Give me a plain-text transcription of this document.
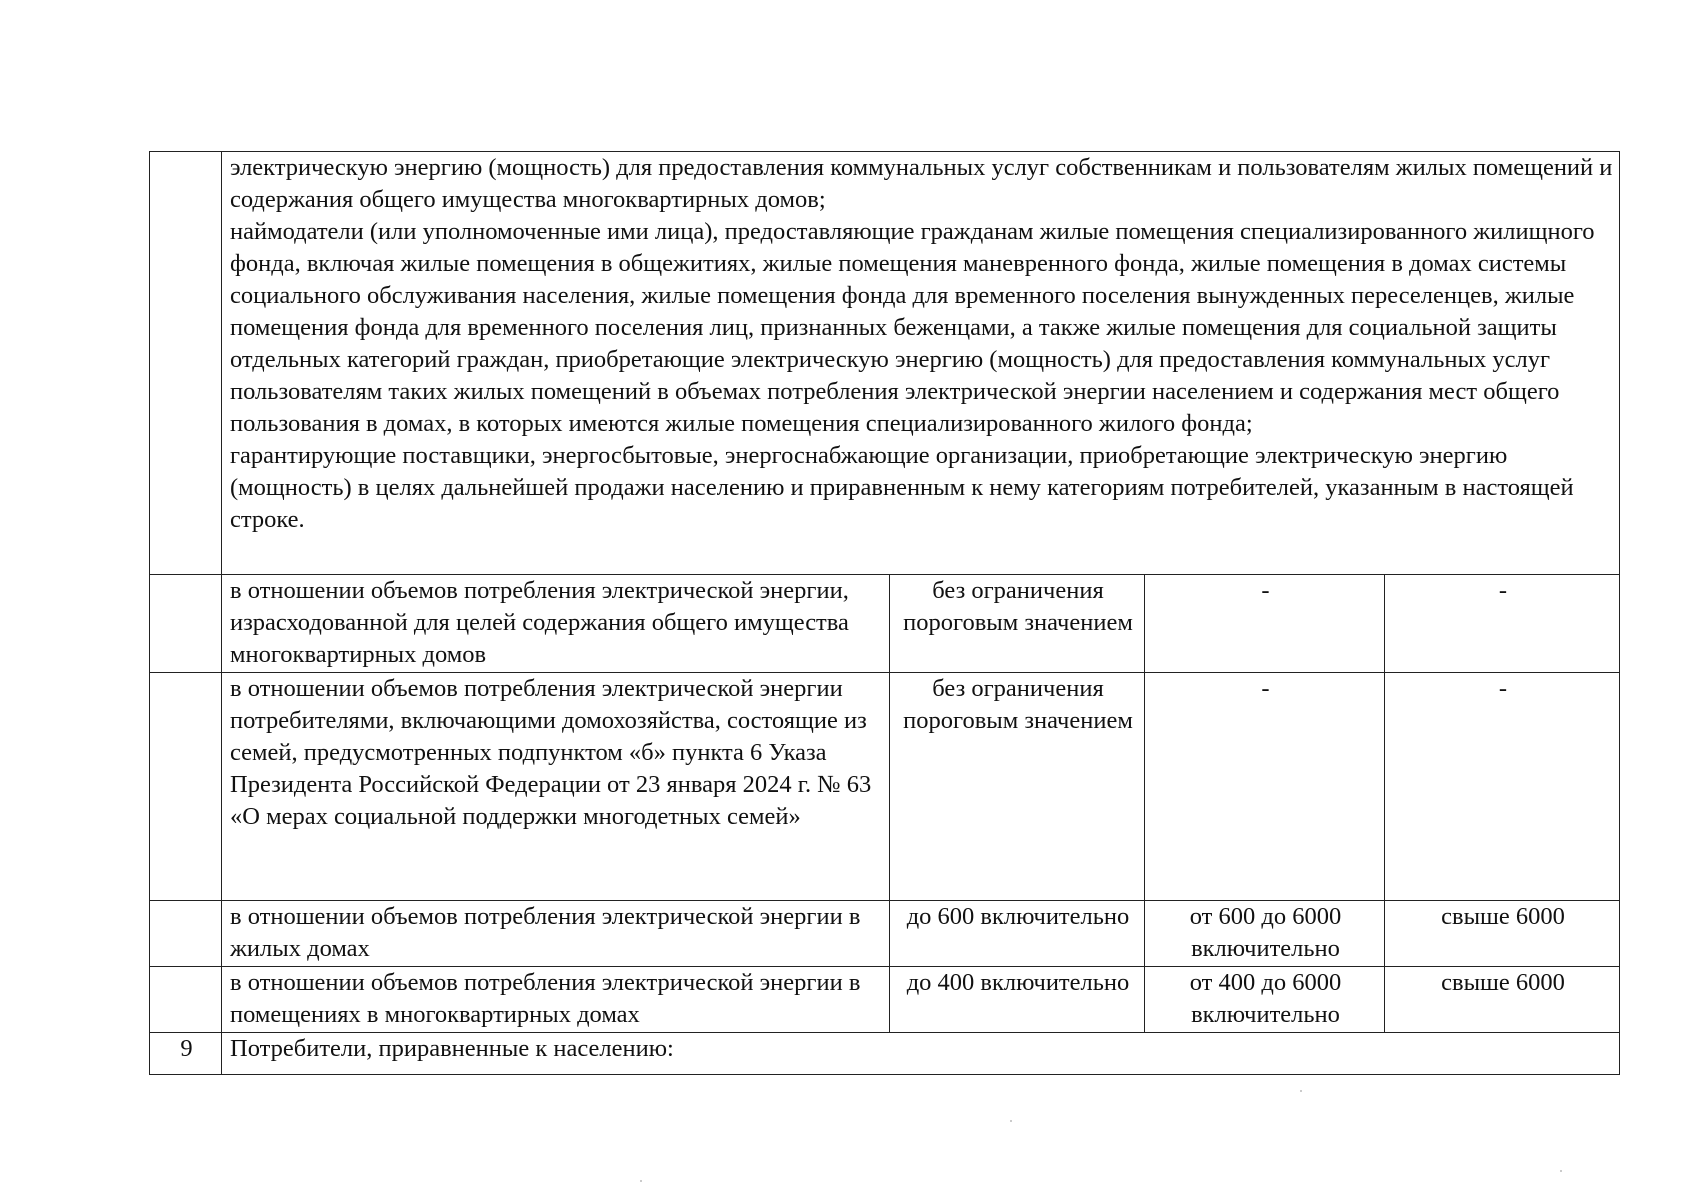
	электрическую энергию (мощность) для предоставления коммунальных услуг собственникам и пользователям жилых помещений и содержания общего имущества многоквартирных домов;
наймодатели (или уполномоченные ими лица), предоставляющие гражданам жилые помещения специализированного жилищного фонда, включая жилые помещения в общежитиях, жилые помещения маневренного фонда, жилые помещения в домах системы социального обслуживания населения, жилые помещения фонда для временного поселения вынужденных переселенцев, жилые помещения фонда для временного поселения лиц, признанных беженцами, а также жилые помещения для социальной защиты отдельных категорий граждан, приобретающие электрическую энергию (мощность) для предоставления коммунальных услуг пользователям таких жилых помещений в объемах потребления электрической энергии населением и содержания мест общего пользования в домах, в которых имеются жилые помещения специализированного жилого фонда;
гарантирующие поставщики, энергосбытовые, энергоснабжающие организации, приобретающие электрическую энергию (мощность) в целях дальнейшей продажи населению и приравненным к нему категориям потребителей, указанным в настоящей строке.			

	в отношении объемов потребления электрической энергии, израсходованной для целей содержания общего имущества многоквартирных домов	без ограничения пороговым значением	-	-
	в отношении объемов потребления электрической энергии потребителями, включающими домохозяйства, состоящие из семей, предусмотренных подпунктом «б» пункта 6 Указа Президента Российской Федерации от 23 января 2024 г. № 63 «О мерах социальной поддержки многодетных семей»	без ограничения пороговым значением	-	-
	в отношении объемов потребления электрической энергии в жилых домах	до 600 включительно	от 600 до 6000 включительно	свыше 6000
	в отношении объемов потребления электрической энергии в помещениях в многоквартирных домах	до 400 включительно	от 400 до 6000 включительно	свыше 6000
9	Потребители, приравненные к населению:			
